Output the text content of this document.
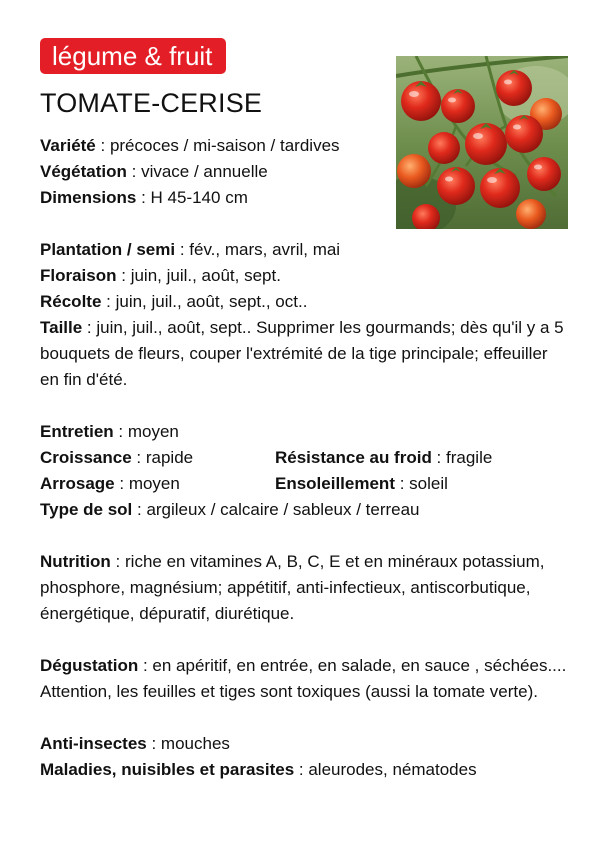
légume & fruit
TOMATE-CERISE
Variété : précoces / mi-saison / tardives
Végétation : vivace / annuelle
Dimensions : H 45-140 cm
Plantation / semi : fév., mars, avril, mai
Floraison : juin, juil., août, sept.
Récolte : juin, juil., août, sept., oct..
Taille : juin, juil., août, sept.. Supprimer les gourmands; dès qu'il y a 5 bouquets de fleurs, couper l'extrémité de la tige principale; effeuiller en fin d'été.
Entretien : moyen
Croissance : rapide	Résistance au froid : fragile
Arrosage : moyen	Ensoleillement : soleil
Type de sol : argileux / calcaire / sableux / terreau
Nutrition : riche en vitamines A, B, C, E et en minéraux potassium, phosphore, magnésium; appétitif, anti-infectieux, antiscorbutique, énergétique, dépuratif, diurétique.
Dégustation : en apéritif, en entrée, en salade, en sauce , séchées.... Attention, les feuilles et tiges sont toxiques (aussi la tomate verte).
Anti-insectes : mouches
Maladies, nuisibles et parasites : aleurodes, nématodes
